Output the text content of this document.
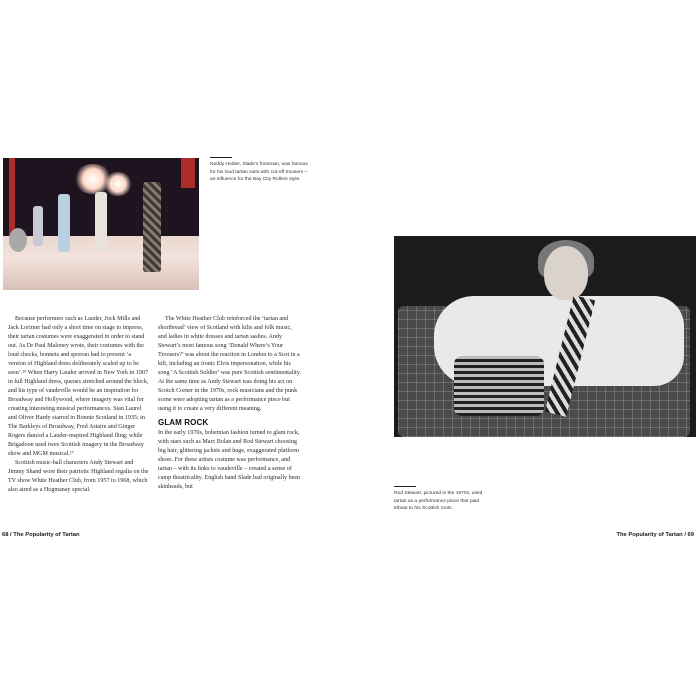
Noddy Holder, Slade’s frontman, was famous for his loud tartan suits with cut-off trousers – an influence for the Bay City Rollers style.
Rod Stewart, pictured in the 1970s, used tartan as a performance piece that paid tribute to his Scottish roots.

Because performers such as Lauder, Jock Mills and Jack Lorimer had only a short time on stage to impress, their tartan costumes were exaggerated in order to stand out. As Dr Paul Maloney wrote, their costumes with the loud checks, bonnets and sporran had to present ‘a version of Highland dress deliberately scaled up to be seen’.¹⁶ When Harry Lauder arrived in New York in 1907 in full Highland dress, queues stretched around the block, and his type of vaudeville would be an inspiration for Broadway and Hollywood, where imagery was vital for creating interesting musical performances. Stan Laurel and Oliver Hardy starred in Bonnie Scotland in 1935; in The Barkleys of Broadway, Fred Astaire and Ginger Rogers danced a Lauder-inspired Highland fling; while Brigadoon used twee Scottish imagery in the Broadway show and MGM musical.¹⁷

Scottish music-hall characters Andy Stewart and Jimmy Shand wore their patriotic Highland regalia on the TV show White Heather Club, from 1957 to 1968, which also aired as a Hogmanay special.

The White Heather Club reinforced the ‘tartan and shortbread’ view of Scotland with kilts and folk music, and ladies in white dresses and tartan sashes. Andy Stewart’s most famous song ‘Donald Where’s Your Troosers?’ was about the reaction in London to a Scot in a kilt, including an ironic Elvis impersonation, while his song ‘A Scottish Soldier’ was pure Scottish sentimentality. At the same time as Andy Stewart was doing his act on Scotch Corner in the 1970s, rock musicians and the punk scene were adopting tartan as a performance piece but using it to create a very different meaning.

GLAM ROCK

In the early 1970s, bohemian fashion turned to glam rock, with stars such as Marc Bolan and Rod Stewart choosing big hair, glittering jackets and huge, exaggerated platform shoes. For these artists costume was performance, and tartan – with its links to vaudeville – created a sense of camp theatricality. English band Slade had originally been skinheads, but

68 / The Popularity of Tartan	The Popularity of Tartan / 69
